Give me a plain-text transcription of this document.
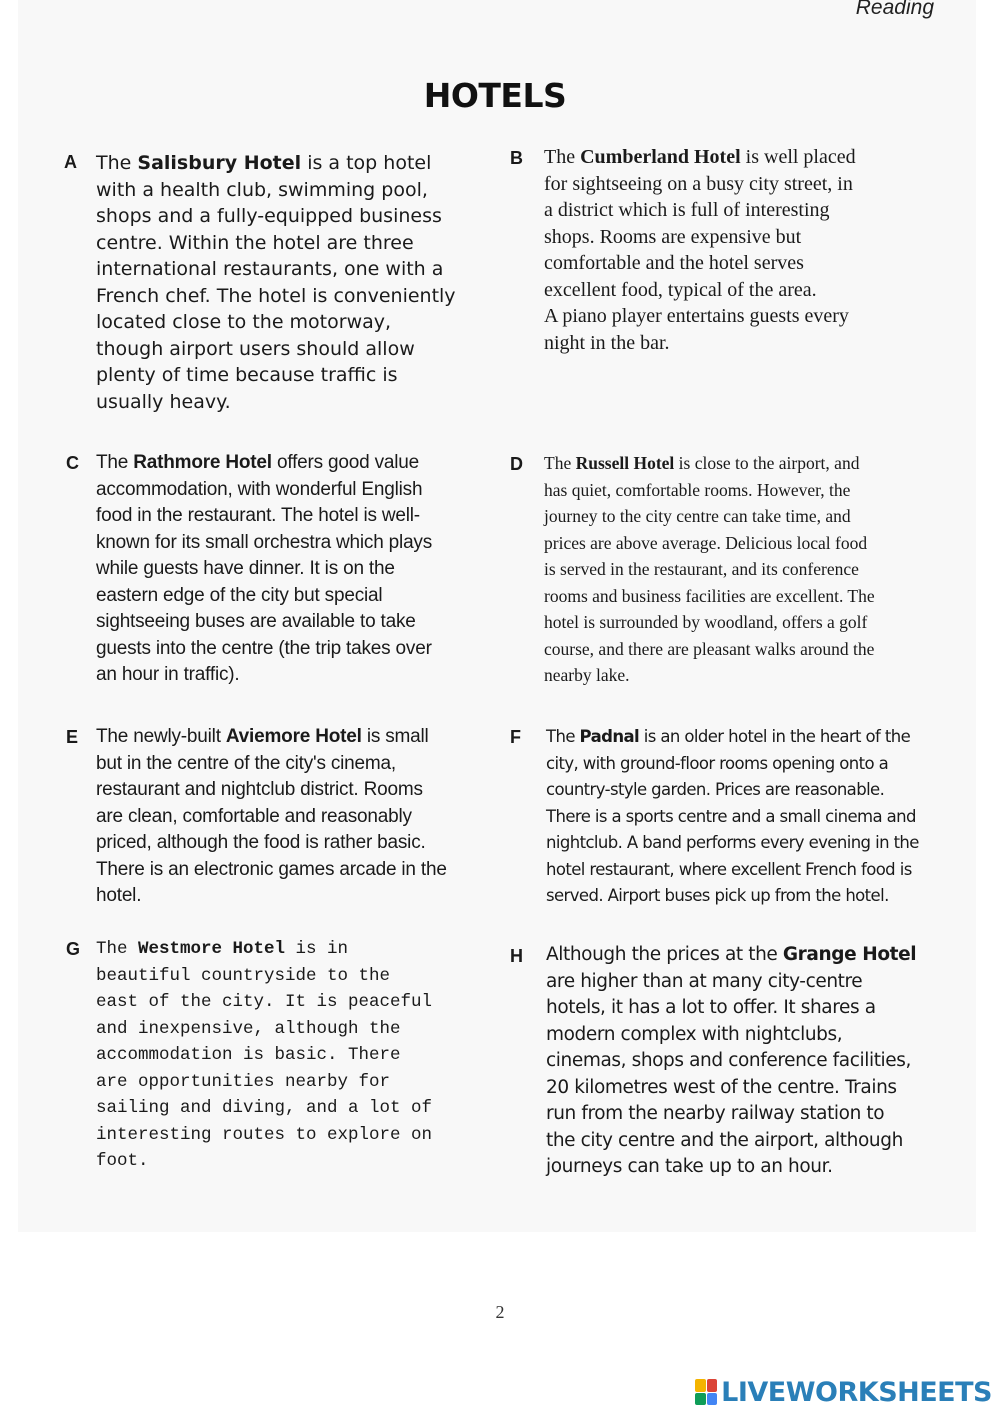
Reading
HOTELS
A The Salisbury Hotel is a top hotel
with a health club, swimming pool,
shops and a fully-equipped business
centre. Within the hotel are three
international restaurants, one with a
French chef. The hotel is conveniently
located close to the motorway,
though airport users should allow
plenty of time because traffic is
usually heavy.
B The Cumberland Hotel is well placed
for sightseeing on a busy city street, in
a district which is full of interesting
shops. Rooms are expensive but
comfortable and the hotel serves
excellent food, typical of the area.
A piano player entertains guests every
night in the bar.
C The Rathmore Hotel offers good value
accommodation, with wonderful English
food in the restaurant. The hotel is well-
known for its small orchestra which plays
while guests have dinner. It is on the
eastern edge of the city but special
sightseeing buses are available to take
guests into the centre (the trip takes over
an hour in traffic).
D The Russell Hotel is close to the airport, and
has quiet, comfortable rooms. However, the
journey to the city centre can take time, and
prices are above average. Delicious local food
is served in the restaurant, and its conference
rooms and business facilities are excellent. The
hotel is surrounded by woodland, offers a golf
course, and there are pleasant walks around the
nearby lake.
E The newly-built Aviemore Hotel is small
but in the centre of the city's cinema,
restaurant and nightclub district. Rooms
are clean, comfortable and reasonably
priced, although the food is rather basic.
There is an electronic games arcade in the
hotel.
F The Padnal is an older hotel in the heart of the
city, with ground-floor rooms opening onto a
country-style garden. Prices are reasonable.
There is a sports centre and a small cinema and
nightclub. A band performs every evening in the
hotel restaurant, where excellent French food is
served. Airport buses pick up from the hotel.
G The Westmore Hotel is in
beautiful countryside to the
east of the city. It is peaceful
and inexpensive, although the
accommodation is basic. There
are opportunities nearby for
sailing and diving, and a lot of
interesting routes to explore on
foot.
H Although the prices at the Grange Hotel
are higher than at many city-centre
hotels, it has a lot to offer. It shares a
modern complex with nightclubs,
cinemas, shops and conference facilities,
20 kilometres west of the centre. Trains
run from the nearby railway station to
the city centre and the airport, although
journeys can take up to an hour.
2
LIVEWORKSHEETS
